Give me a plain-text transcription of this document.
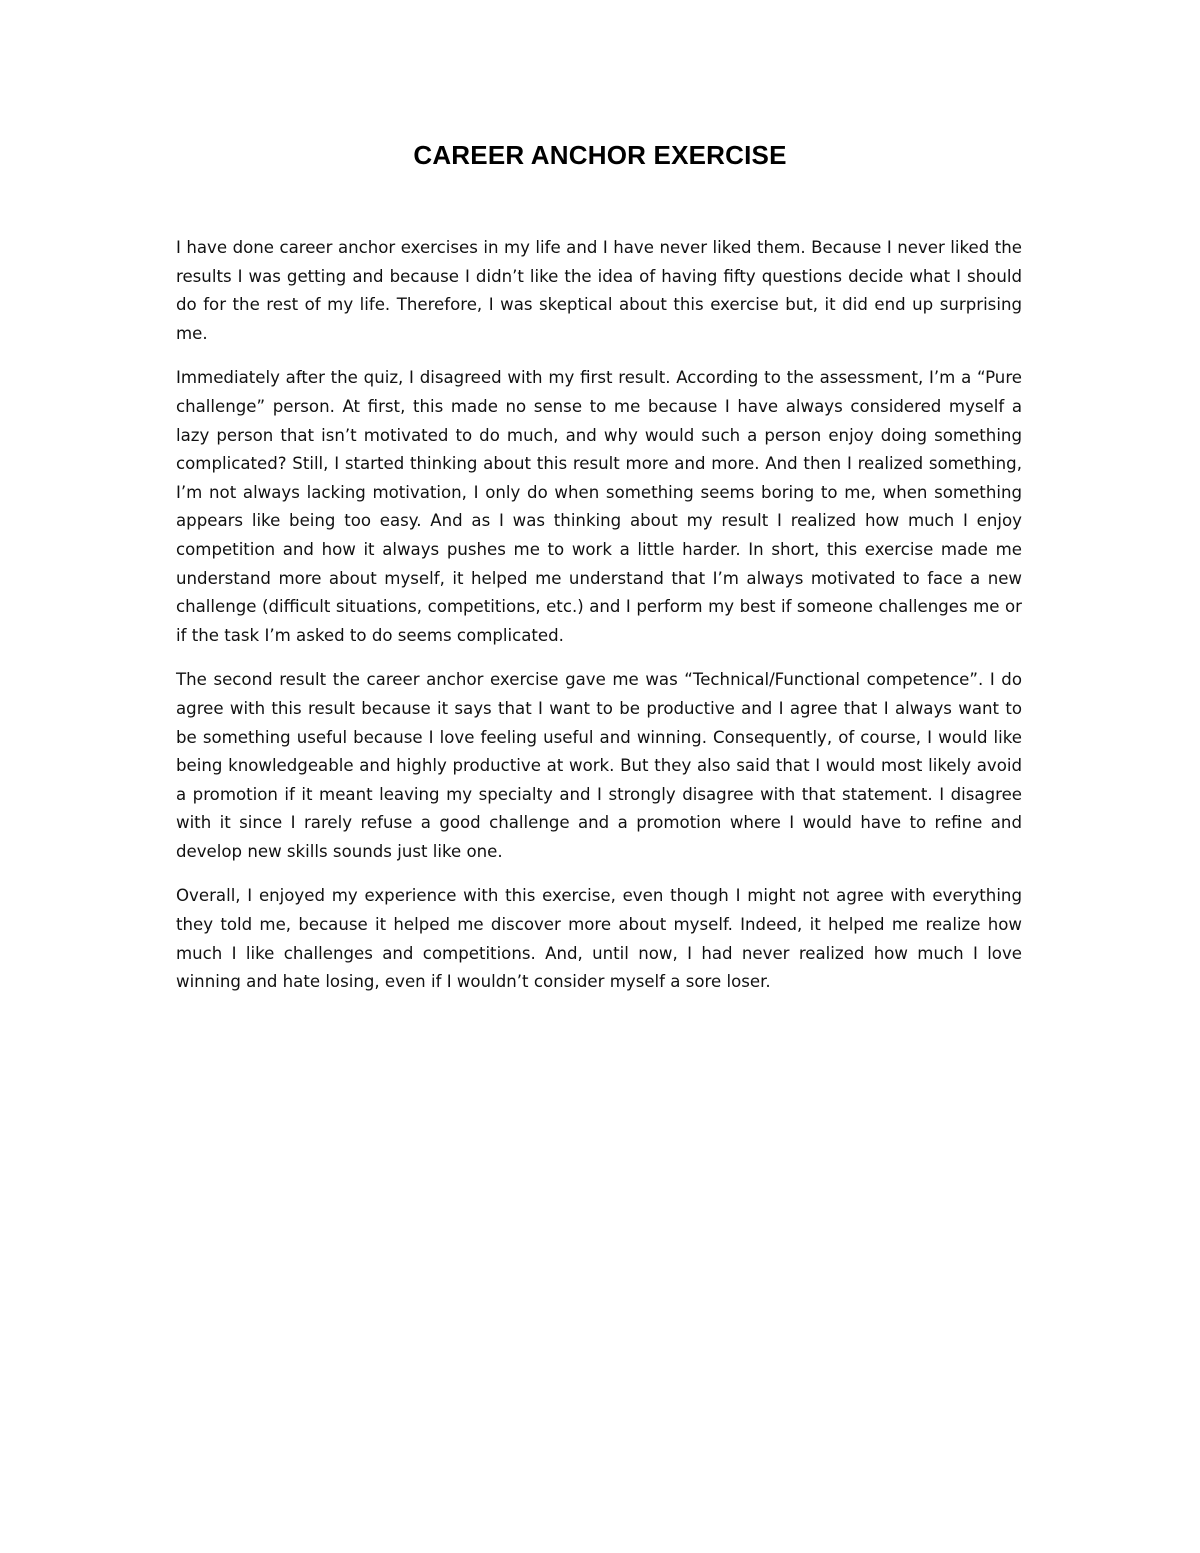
CAREER ANCHOR EXERCISE

I have done career anchor exercises in my life and I have never liked them. Because I never liked the results I was getting and because I didn’t like the idea of having fifty questions decide what I should do for the rest of my life. Therefore, I was skeptical about this exercise but, it did end up surprising me.

Immediately after the quiz, I disagreed with my first result. According to the assessment, I’m a “Pure challenge” person. At first, this made no sense to me because I have always considered myself a lazy person that isn’t motivated to do much, and why would such a person enjoy doing something complicated? Still, I started thinking about this result more and more. And then I realized something, I’m not always lacking motivation, I only do when something seems boring to me, when something appears like being too easy. And as I was thinking about my result I realized how much I enjoy competition and how it always pushes me to work a little harder. In short, this exercise made me understand more about myself, it helped me understand that I’m always motivated to face a new challenge (difficult situations, competitions, etc.) and I perform my best if someone challenges me or if the task I’m asked to do seems complicated.

The second result the career anchor exercise gave me was “Technical/Functional competence”. I do agree with this result because it says that I want to be productive and I agree that I always want to be something useful because I love feeling useful and winning. Consequently, of course, I would like being knowledgeable and highly productive at work. But they also said that I would most likely avoid a promotion if it meant leaving my specialty and I strongly disagree with that statement. I disagree with it since I rarely refuse a good challenge and a promotion where I would have to refine and develop new skills sounds just like one.

Overall, I enjoyed my experience with this exercise, even though I might not agree with everything they told me, because it helped me discover more about myself. Indeed, it helped me realize how much I like challenges and competitions. And, until now, I had never realized how much I love winning and hate losing, even if I wouldn’t consider myself a sore loser.
